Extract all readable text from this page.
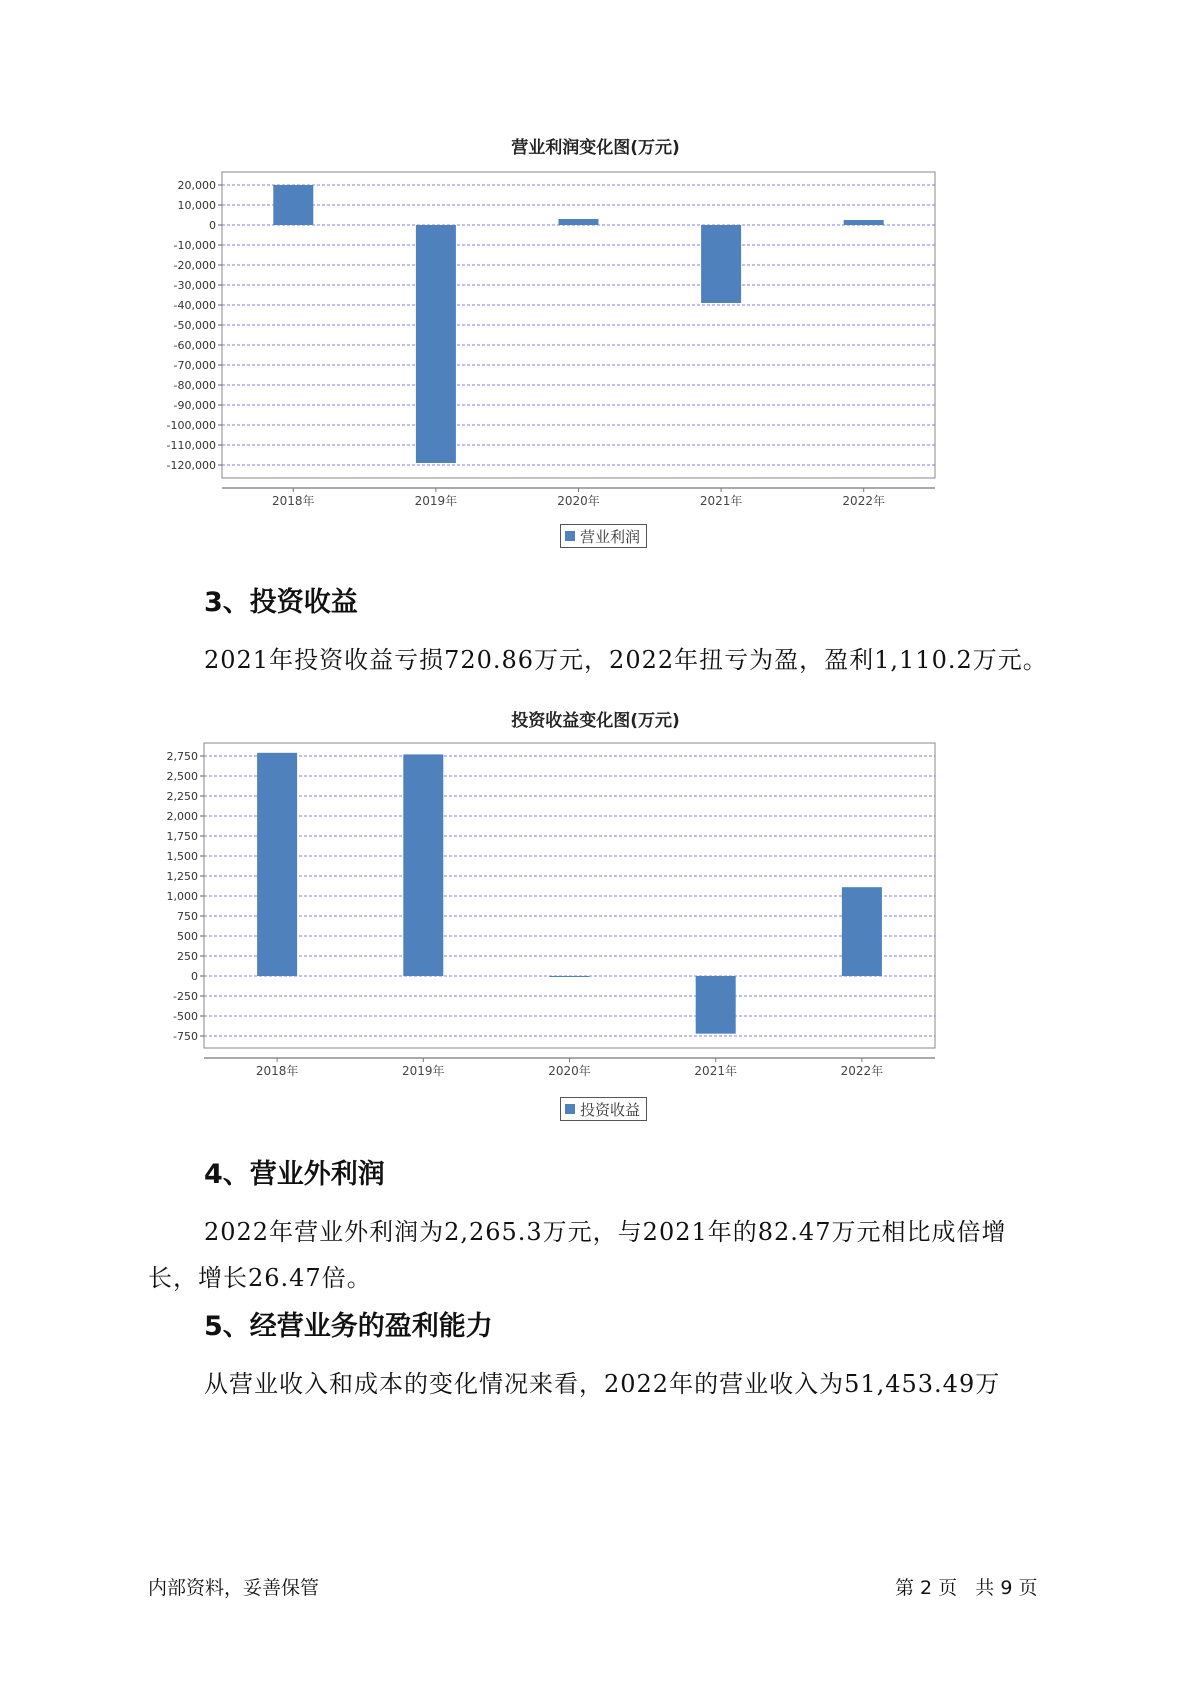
营业利润变化图(万元)
20,000
10,000
0
-10,000
-20,000
-30,000
-40,000
-50,000
-60,000
-70,000
-80,000
-90,000
-100,000
-110,000
-120,000
2018年	2019年	2020年	2021年	2022年
营业利润
3、投资收益
2021年投资收益亏损720.86万元，2022年扭亏为盈，盈利1,110.2万元。
投资收益变化图(万元)
2,750
2,500
2,250
2,000
1,750
1,500
1,250
1,000
750
500
250
0
-250
-500
-750
2018年	2019年	2020年	2021年	2022年
投资收益
4、营业外利润
2022年营业外利润为2,265.3万元，与2021年的82.47万元相比成倍增
长，增长26.47倍。
5、经营业务的盈利能力
从营业收入和成本的变化情况来看，2022年的营业收入为51,453.49万
内部资料，妥善保管	第 2 页   共 9 页
